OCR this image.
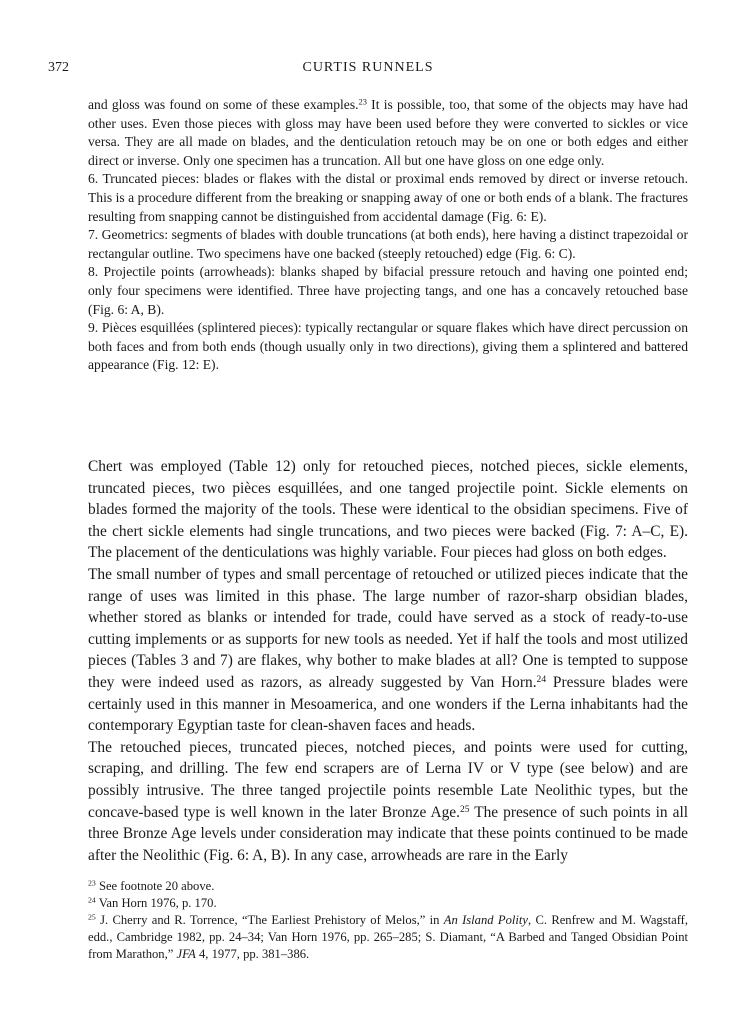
372	CURTIS RUNNELS

and gloss was found on some of these examples.$^{23}$ It is possible, too, that some of the objects may have had other uses. Even those pieces with gloss may have been used before they were converted to sickles or vice versa. They are all made on blades, and the denticulation retouch may be on one or both edges and either direct or inverse. Only one specimen has a truncation. All but one have gloss on one edge only.

6. Truncated pieces: blades or flakes with the distal or proximal ends removed by direct or inverse retouch. This is a procedure different from the breaking or snapping away of one or both ends of a blank. The fractures resulting from snapping cannot be distinguished from accidental damage (Fig. 6: E).

7. Geometrics: segments of blades with double truncations (at both ends), here having a distinct trapezoidal or rectangular outline. Two specimens have one backed (steeply retouched) edge (Fig. 6: C).

8. Projectile points (arrowheads): blanks shaped by bifacial pressure retouch and having one pointed end; only four specimens were identified. Three have projecting tangs, and one has a concavely retouched base (Fig. 6: A, B).

9. Pièces esquillées (splintered pieces): typically rectangular or square flakes which have direct percussion on both faces and from both ends (though usually only in two directions), giving them a splintered and battered appearance (Fig. 12: E).

Chert was employed (Table 12) only for retouched pieces, notched pieces, sickle elements, truncated pieces, two pièces esquillées, and one tanged projectile point. Sickle elements on blades formed the majority of the tools. These were identical to the obsidian specimens. Five of the chert sickle elements had single truncations, and two pieces were backed (Fig. 7: A–C, E). The placement of the denticulations was highly variable. Four pieces had gloss on both edges.

The small number of types and small percentage of retouched or utilized pieces indicate that the range of uses was limited in this phase. The large number of razor-sharp obsidian blades, whether stored as blanks or intended for trade, could have served as a stock of ready-to-use cutting implements or as supports for new tools as needed. Yet if half the tools and most utilized pieces (Tables 3 and 7) are flakes, why bother to make blades at all? One is tempted to suppose they were indeed used as razors, as already suggested by Van Horn.$^{24}$ Pressure blades were certainly used in this manner in Mesoamerica, and one wonders if the Lerna inhabitants had the contemporary Egyptian taste for clean-shaven faces and heads.

The retouched pieces, truncated pieces, notched pieces, and points were used for cutting, scraping, and drilling. The few end scrapers are of Lerna IV or V type (see below) and are possibly intrusive. The three tanged projectile points resemble Late Neolithic types, but the concave-based type is well known in the later Bronze Age.$^{25}$ The presence of such points in all three Bronze Age levels under consideration may indicate that these points continued to be made after the Neolithic (Fig. 6: A, B). In any case, arrowheads are rare in the Early

$^{23}$ See footnote 20 above.

$^{24}$ Van Horn 1976, p. 170.

$^{25}$ J. Cherry and R. Torrence, “The Earliest Prehistory of Melos,” in An Island Polity, C. Renfrew and M. Wagstaff, edd., Cambridge 1982, pp. 24–34; Van Horn 1976, pp. 265–285; S. Diamant, “A Barbed and Tanged Obsidian Point from Marathon,” JFA 4, 1977, pp. 381–386.
